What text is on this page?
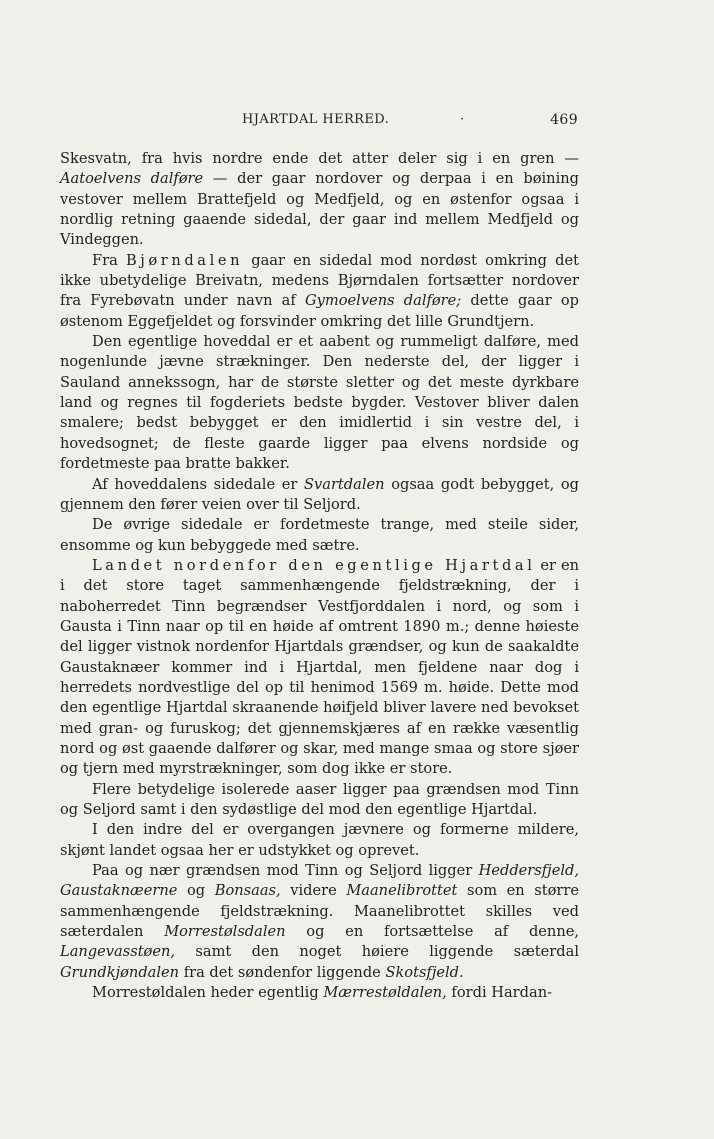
HJARTDAL HERRED.	·	469

Skesvatn, fra hvis nordre ende det atter deler sig i en gren — Aatoelvens dalføre — der gaar nordover og derpaa i en bøining vestover mellem Brattefjeld og Medfjeld, og en østenfor ogsaa i nordlig retning gaaende sidedal, der gaar ind mellem Medfjeld og Vindeggen.

Fra Bjørndalen gaar en sidedal mod nordøst omkring det ikke ubetydelige Breivatn, medens Bjørndalen fortsætter nordover fra Fyrebøvatn under navn af Gymoelvens dalføre; dette gaar op østenom Eggefjeldet og forsvinder omkring det lille Grundtjern.

Den egentlige hoveddal er et aabent og rummeligt dalføre, med nogenlunde jævne strækninger. Den nederste del, der ligger i Sauland annekssogn, har de største sletter og det meste dyrkbare land og regnes til fogderiets bedste bygder. Vestover bliver dalen smalere; bedst bebygget er den imidlertid i sin vestre del, i hovedsognet; de fleste gaarde ligger paa elvens nordside og fordetmeste paa bratte bakker.

Af hoveddalens sidedale er Svartdalen ogsaa godt bebygget, og gjennem den fører veien over til Seljord.

De øvrige sidedale er fordetmeste trange, med steile sider, ensomme og kun bebyggede med sætre.

Landet nordenfor den egentlige Hjartdal er en i det store taget sammenhængende fjeldstrækning, der i naboherredet Tinn begrændser Vestfjorddalen i nord, og som i Gausta i Tinn naar op til en høide af omtrent 1890 m.; denne høieste del ligger vistnok nordenfor Hjartdals grændser, og kun de saakaldte Gaustaknæer kommer ind i Hjartdal, men fjeldene naar dog i herredets nordvestlige del op til henimod 1569 m. høide. Dette mod den egentlige Hjartdal skraanende høifjeld bliver lavere ned bevokset med gran- og furuskog; det gjennemskjæres af en række væsentlig nord og øst gaaende dalfører og skar, med mange smaa og store sjøer og tjern med myrstrækninger, som dog ikke er store.

Flere betydelige isolerede aaser ligger paa grændsen mod Tinn og Seljord samt i den sydøstlige del mod den egentlige Hjartdal.

I den indre del er overgangen jævnere og formerne mildere, skjønt landet ogsaa her er udstykket og oprevet.

Paa og nær grændsen mod Tinn og Seljord ligger Heddersfjeld, Gaustaknæerne og Bonsaas, videre Maanelibrottet som en større sammenhængende fjeldstrækning. Maanelibrottet skilles ved sæterdalen Morrestølsdalen og en fortsættelse af denne, Langevasstøen, samt den noget høiere liggende sæterdal Grundkjøndalen fra det søndenfor liggende Skotsfjeld.

Morrestøldalen heder egentlig Mærrestøldalen, fordi Hardan-
